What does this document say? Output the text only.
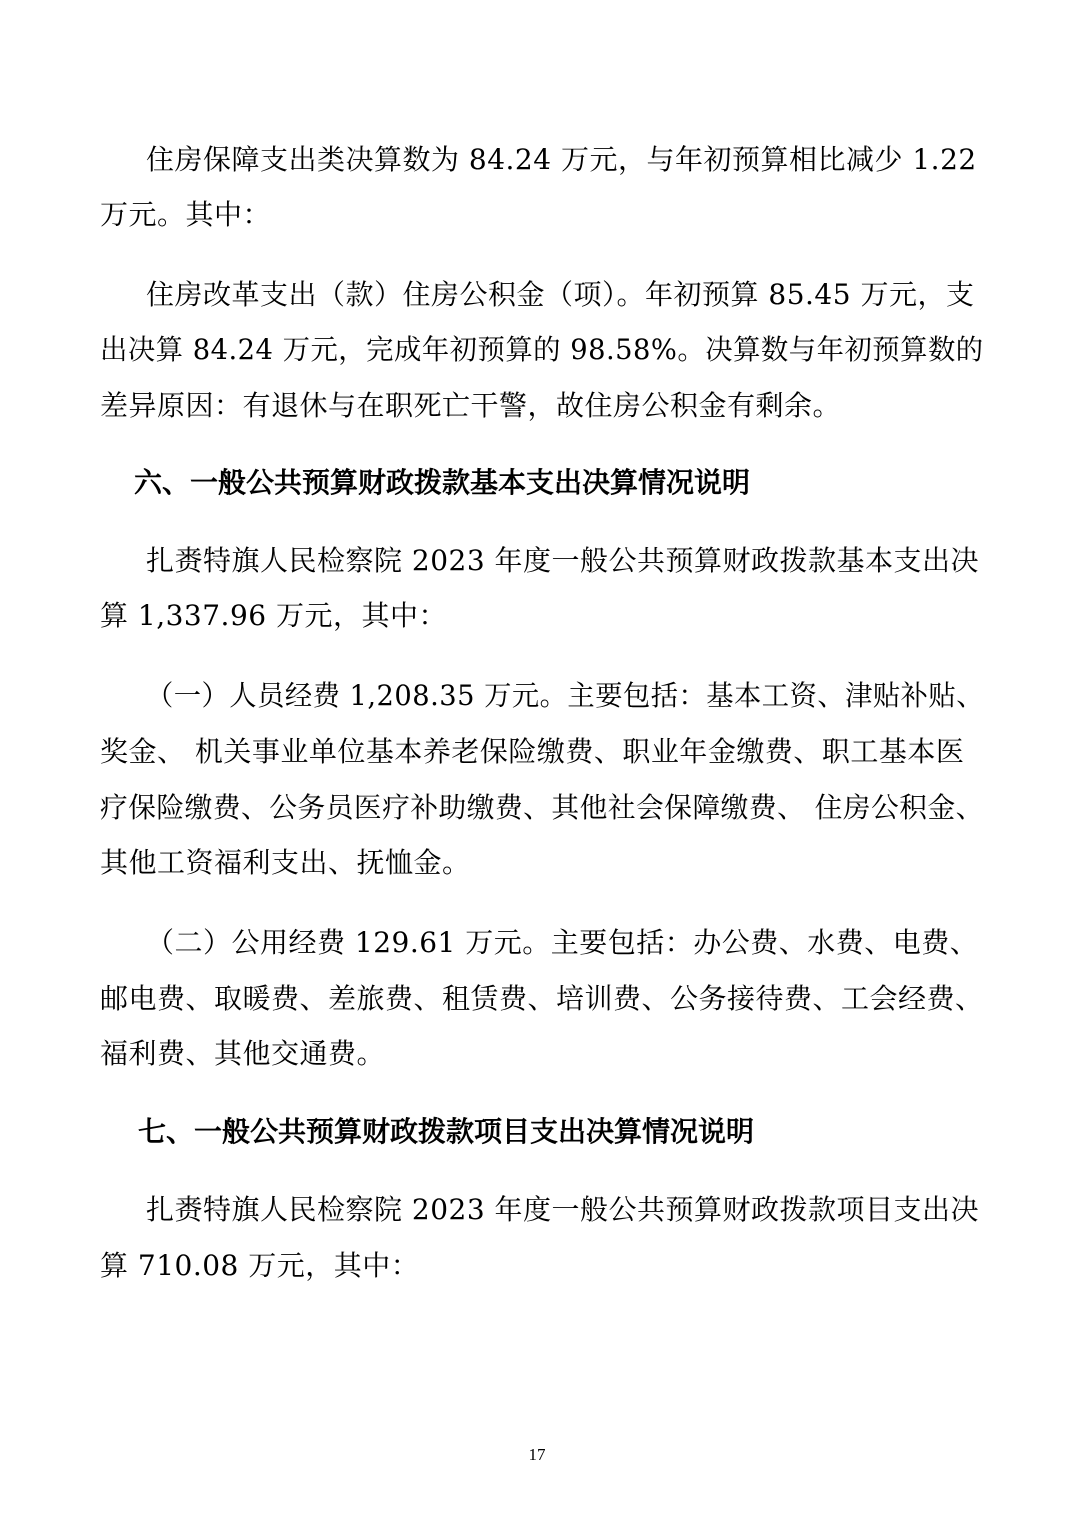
住房保障支出类决算数为 84.24 万元，与年初预算相比减少 1.22
万元。其中：
住房改革支出（款）住房公积金（项）。年初预算 85.45 万元，支
出决算 84.24 万元，完成年初预算的 98.58%。决算数与年初预算数的
差异原因：有退休与在职死亡干警，故住房公积金有剩余。
六、一般公共预算财政拨款基本支出决算情况说明
扎赉特旗人民检察院 2023 年度一般公共预算财政拨款基本支出决
算 1,337.96 万元，其中：
（一）人员经费 1,208.35 万元。主要包括：基本工资、津贴补贴、
奖金、 机关事业单位基本养老保险缴费、职业年金缴费、职工基本医
疗保险缴费、公务员医疗补助缴费、其他社会保障缴费、 住房公积金、
其他工资福利支出、抚恤金。
（二）公用经费 129.61 万元。主要包括：办公费、水费、电费、
邮电费、取暖费、差旅费、租赁费、培训费、公务接待费、工会经费、
福利费、其他交通费。
七、一般公共预算财政拨款项目支出决算情况说明
扎赉特旗人民检察院 2023 年度一般公共预算财政拨款项目支出决
算 710.08 万元，其中：
17
